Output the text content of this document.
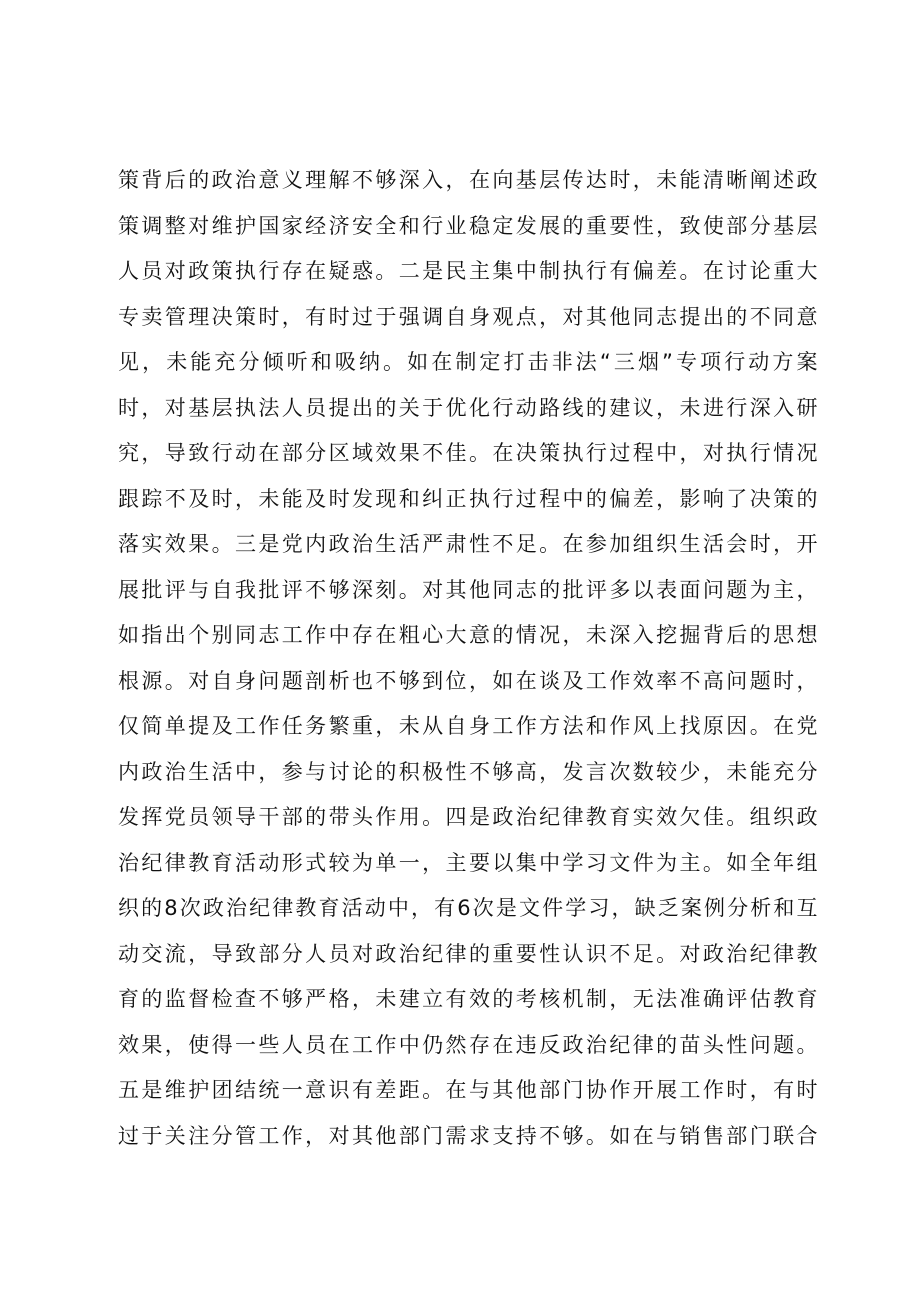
策背后的政治意义理解不够深入，在向基层传达时，未能清晰阐述政
策调整对维护国家经济安全和行业稳定发展的重要性，致使部分基层
人员对政策执行存在疑惑。二是民主集中制执行有偏差。在讨论重大
专卖管理决策时，有时过于强调自身观点，对其他同志提出的不同意
见，未能充分倾听和吸纳。如在制定打击非法“三烟”专项行动方案
时，对基层执法人员提出的关于优化行动路线的建议，未进行深入研
究，导致行动在部分区域效果不佳。在决策执行过程中，对执行情况
跟踪不及时，未能及时发现和纠正执行过程中的偏差，影响了决策的
落实效果。三是党内政治生活严肃性不足。在参加组织生活会时，开
展批评与自我批评不够深刻。对其他同志的批评多以表面问题为主，
如指出个别同志工作中存在粗心大意的情况，未深入挖掘背后的思想
根源。对自身问题剖析也不够到位，如在谈及工作效率不高问题时，
仅简单提及工作任务繁重，未从自身工作方法和作风上找原因。在党
内政治生活中，参与讨论的积极性不够高，发言次数较少，未能充分
发挥党员领导干部的带头作用。四是政治纪律教育实效欠佳。组织政
治纪律教育活动形式较为单一，主要以集中学习文件为主。如全年组
织的8次政治纪律教育活动中，有6次是文件学习，缺乏案例分析和互
动交流，导致部分人员对政治纪律的重要性认识不足。对政治纪律教
育的监督检查不够严格，未建立有效的考核机制，无法准确评估教育
效果，使得一些人员在工作中仍然存在违反政治纪律的苗头性问题。
五是维护团结统一意识有差距。在与其他部门协作开展工作时，有时
过于关注分管工作，对其他部门需求支持不够。如在与销售部门联合
